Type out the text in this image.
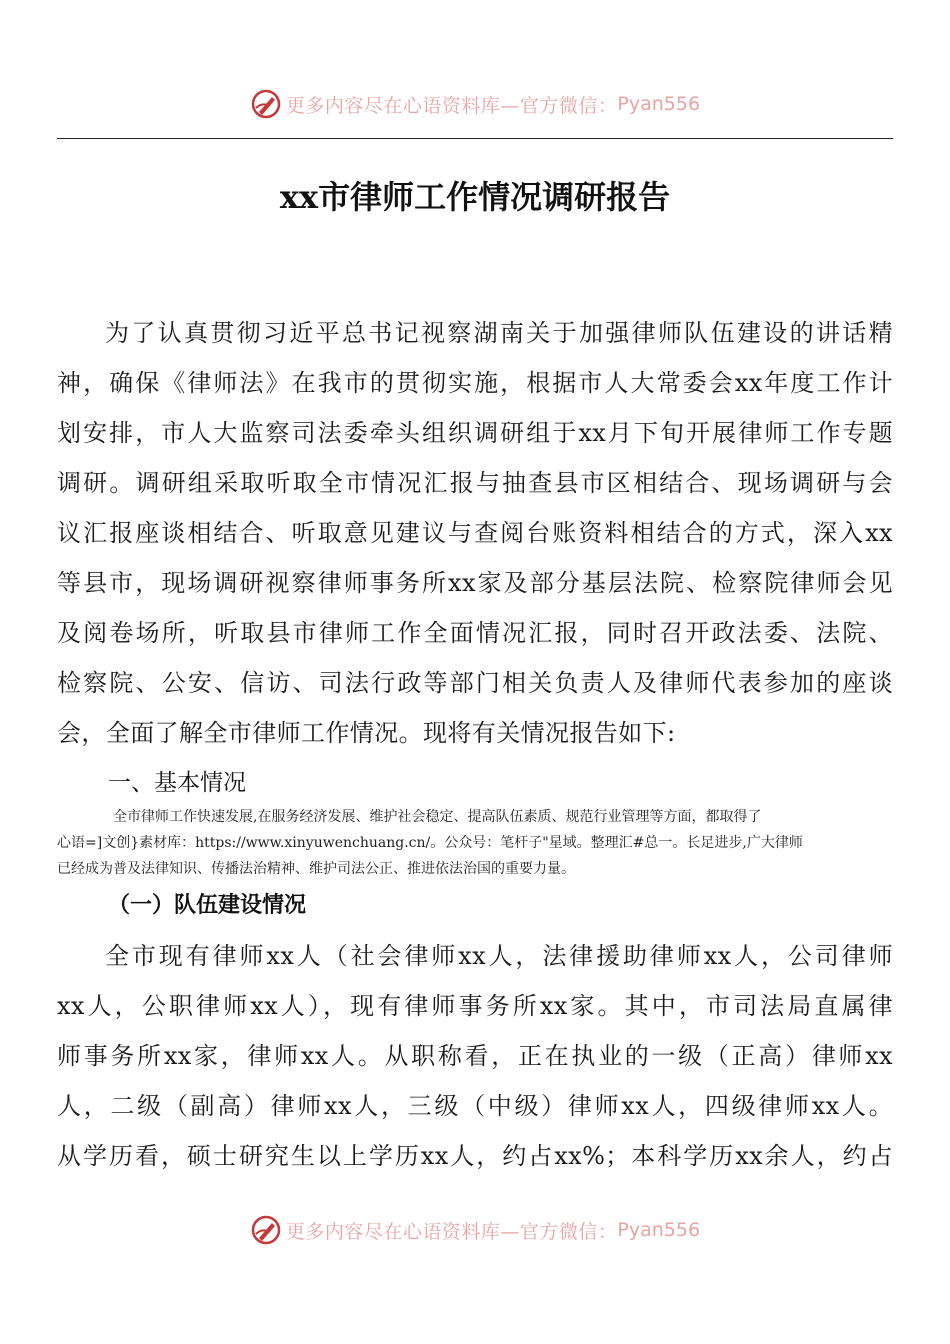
更多内容尽在心语资料库—官方微信： Pyan556
xx市律师工作情况调研报告
为了认真贯彻习近平总书记视察湖南关于加强律师队伍建设的讲话精
神，确保《律师法》在我市的贯彻实施，根据市人大常委会xx年度工作计
划安排，市人大监察司法委牵头组织调研组于xx月下旬开展律师工作专题
调研。调研组采取听取全市情况汇报与抽查县市区相结合、现场调研与会
议汇报座谈相结合、听取意见建议与查阅台账资料相结合的方式，深入xx
等县市，现场调研视察律师事务所xx家及部分基层法院、检察院律师会见
及阅卷场所，听取县市律师工作全面情况汇报，同时召开政法委、法院、
检察院、公安、信访、司法行政等部门相关负责人及律师代表参加的座谈
会，全面了解全市律师工作情况。现将有关情况报告如下:
一、基本情况
全市律师工作快速发展,在服务经济发展、维护社会稳定、提高队伍素质、规范行业管理等方面，都取得了
心语=]文创}素材库：https://www.xinyuwenchuang.cn/。公众号：笔杆子"星域。整理汇#总一。长足进步,广大律师
已经成为普及法律知识、传播法治精神、维护司法公正、推进依法治国的重要力量。
（一）队伍建设情况
全市现有律师xx人（社会律师xx人，法律援助律师xx人，公司律师
xx人，公职律师xx人），现有律师事务所xx家。其中，市司法局直属律
师事务所xx家，律师xx人。从职称看，正在执业的一级（正高）律师xx
人，二级（副高）律师xx人，三级（中级）律师xx人，四级律师xx人。
从学历看，硕士研究生以上学历xx人，约占xx%；本科学历xx余人，约占
更多内容尽在心语资料库—官方微信： Pyan556
